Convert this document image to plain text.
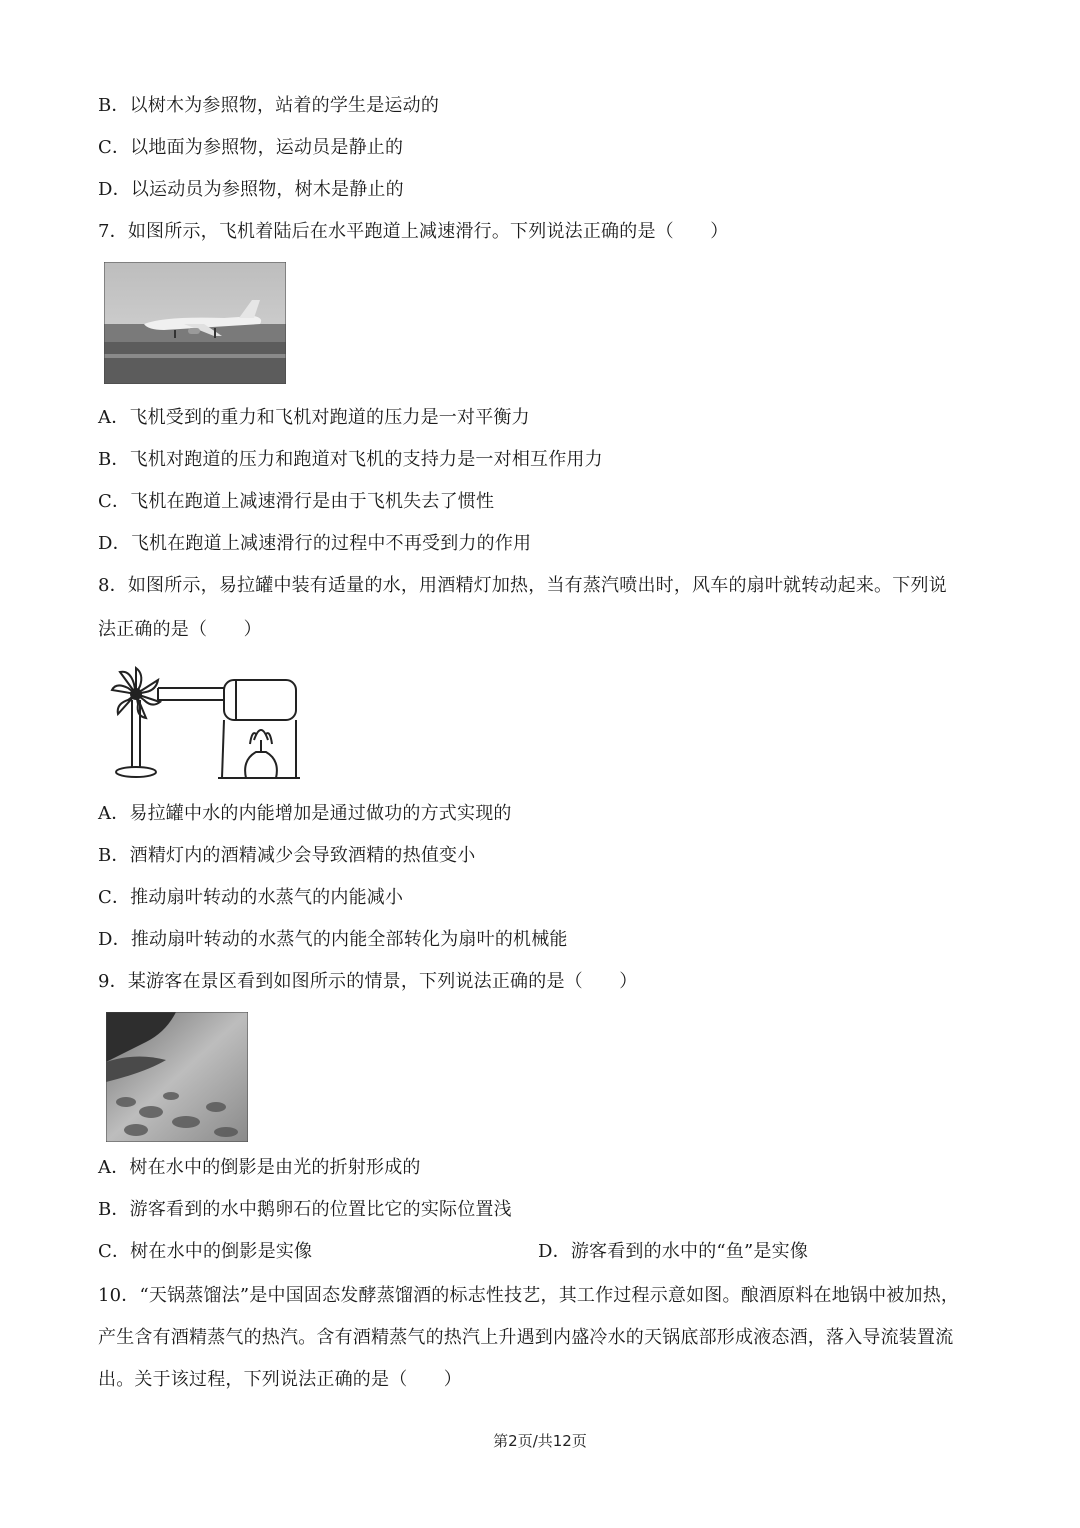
B．以树木为参照物，站着的学生是运动的
C．以地面为参照物，运动员是静止的
D．以运动员为参照物，树木是静止的
7．如图所示，飞机着陆后在水平跑道上减速滑行。下列说法正确的是（　　）
A．飞机受到的重力和飞机对跑道的压力是一对平衡力
B．飞机对跑道的压力和跑道对飞机的支持力是一对相互作用力
C．飞机在跑道上减速滑行是由于飞机失去了惯性
D．飞机在跑道上减速滑行的过程中不再受到力的作用
8．如图所示，易拉罐中装有适量的水，用酒精灯加热，当有蒸汽喷出时，风车的扇叶就转动起来。下列说
法正确的是（　　）
A．易拉罐中水的内能增加是通过做功的方式实现的
B．酒精灯内的酒精减少会导致酒精的热值变小
C．推动扇叶转动的水蒸气的内能减小
D．推动扇叶转动的水蒸气的内能全部转化为扇叶的机械能
9．某游客在景区看到如图所示的情景，下列说法正确的是（　　）
A．树在水中的倒影是由光的折射形成的
B．游客看到的水中鹅卵石的位置比它的实际位置浅
C．树在水中的倒影是实像	D．游客看到的水中的“鱼”是实像
10．“天锅蒸馏法”是中国固态发酵蒸馏酒的标志性技艺，其工作过程示意如图。酿酒原料在地锅中被加热，
产生含有酒精蒸气的热汽。含有酒精蒸气的热汽上升遇到内盛冷水的天锅底部形成液态酒，落入导流装置流
出。关于该过程，下列说法正确的是（　　）
第2页/共12页
